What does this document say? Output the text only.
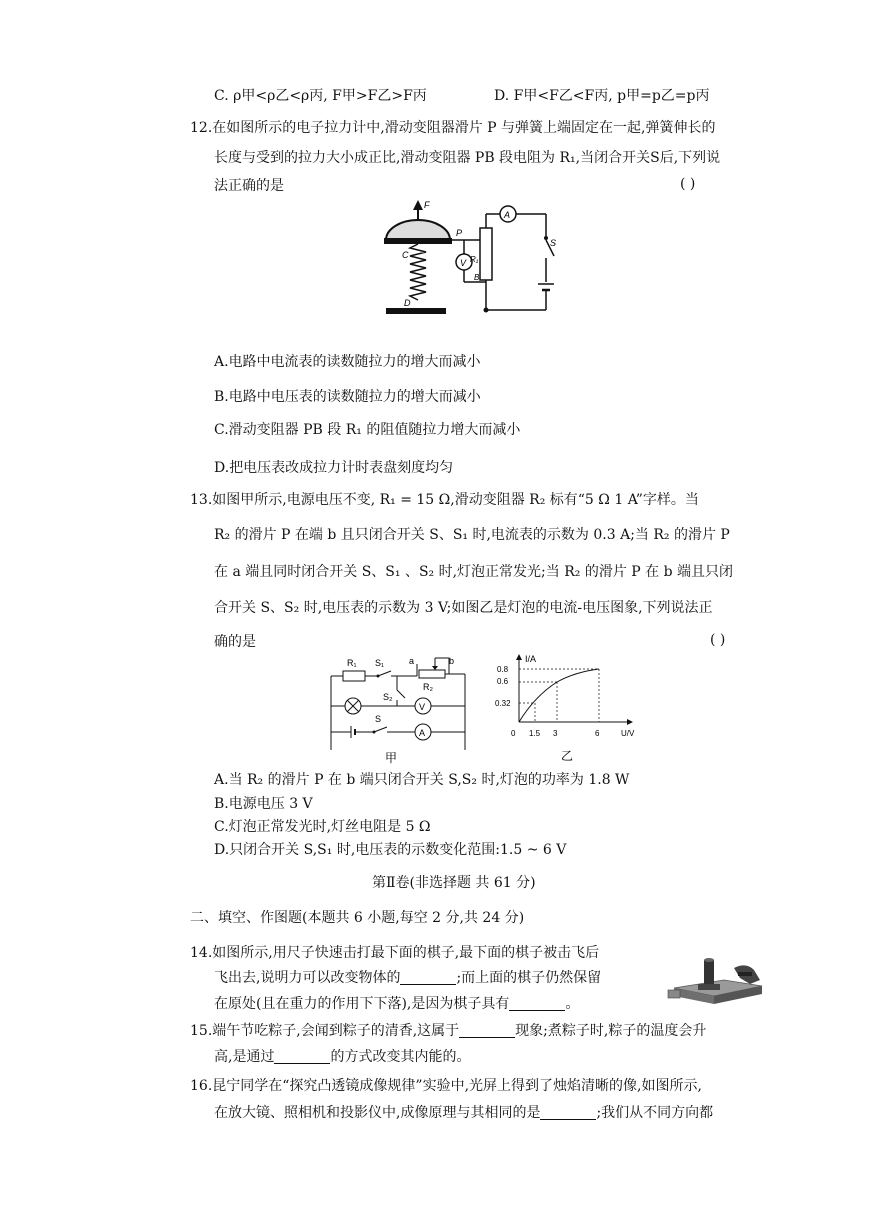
C. ρ甲<ρ乙<ρ丙, F甲>F乙>F丙	D. F甲<F乙<F丙, p甲=p乙=p丙
12.在如图所示的电子拉力计中,滑动变阻器滑片 P 与弹簧上端固定在一起,弹簧伸长的
长度与受到的拉力大小成正比,滑动变阻器 PB 段电阻为 R₁,当闭合开关S后,下列说
法正确的是	( )
F
C
D
P
V R₁
B
A
S
A.电路中电流表的读数随拉力的增大而减小
B.电路中电压表的读数随拉力的增大而减小
C.滑动变阻器 PB 段 R₁ 的阻值随拉力增大而减小
D.把电压表改成拉力计时表盘刻度均匀
13.如图甲所示,电源电压不变, R₁ = 15 Ω,滑动变阻器 R₂ 标有“5 Ω 1 A”字样。当
R₂ 的滑片 P 在端 b 且只闭合开关 S、S₁ 时,电流表的示数为 0.3 A;当 R₂ 的滑片 P
在 a 端且同时闭合开关 S、S₁ 、S₂ 时,灯泡正常发光;当 R₂ 的滑片 P 在 b 端且只闭
合开关 S、S₂ 时,电压表的示数为 3 V;如图乙是灯泡的电流-电压图象,下列说法正
确的是	( )
R₁ S₁	a	b
R₂
S₂
V
S
A
甲
I/A
U/V
0.8
0.6
0.32
0 1.5 3	6
乙
A.当 R₂ 的滑片 P 在 b 端只闭合开关 S,S₂ 时,灯泡的功率为 1.8 W
B.电源电压 3 V
C.灯泡正常发光时,灯丝电阻是 5 Ω
D.只闭合开关 S,S₁ 时,电压表的示数变化范围:1.5 ~ 6 V
第Ⅱ卷(非选择题 共 61 分)
二、填空、作图题(本题共 6 小题,每空 2 分,共 24 分)
14.如图所示,用尺子快速击打最下面的棋子,最下面的棋子被击飞后
飞出去,说明力可以改变物体的	;而上面的棋子仍然保留
在原处(且在重力的作用下下落),是因为棋子具有	。
15.端午节吃粽子,会闻到粽子的清香,这属于	现象;煮粽子时,粽子的温度会升
高,是通过	的方式改变其内能的。
16.昆宁同学在“探究凸透镜成像规律”实验中,光屏上得到了烛焰清晰的像,如图所示,
在放大镜、照相机和投影仪中,成像原理与其相同的是	;我们从不同方向都
